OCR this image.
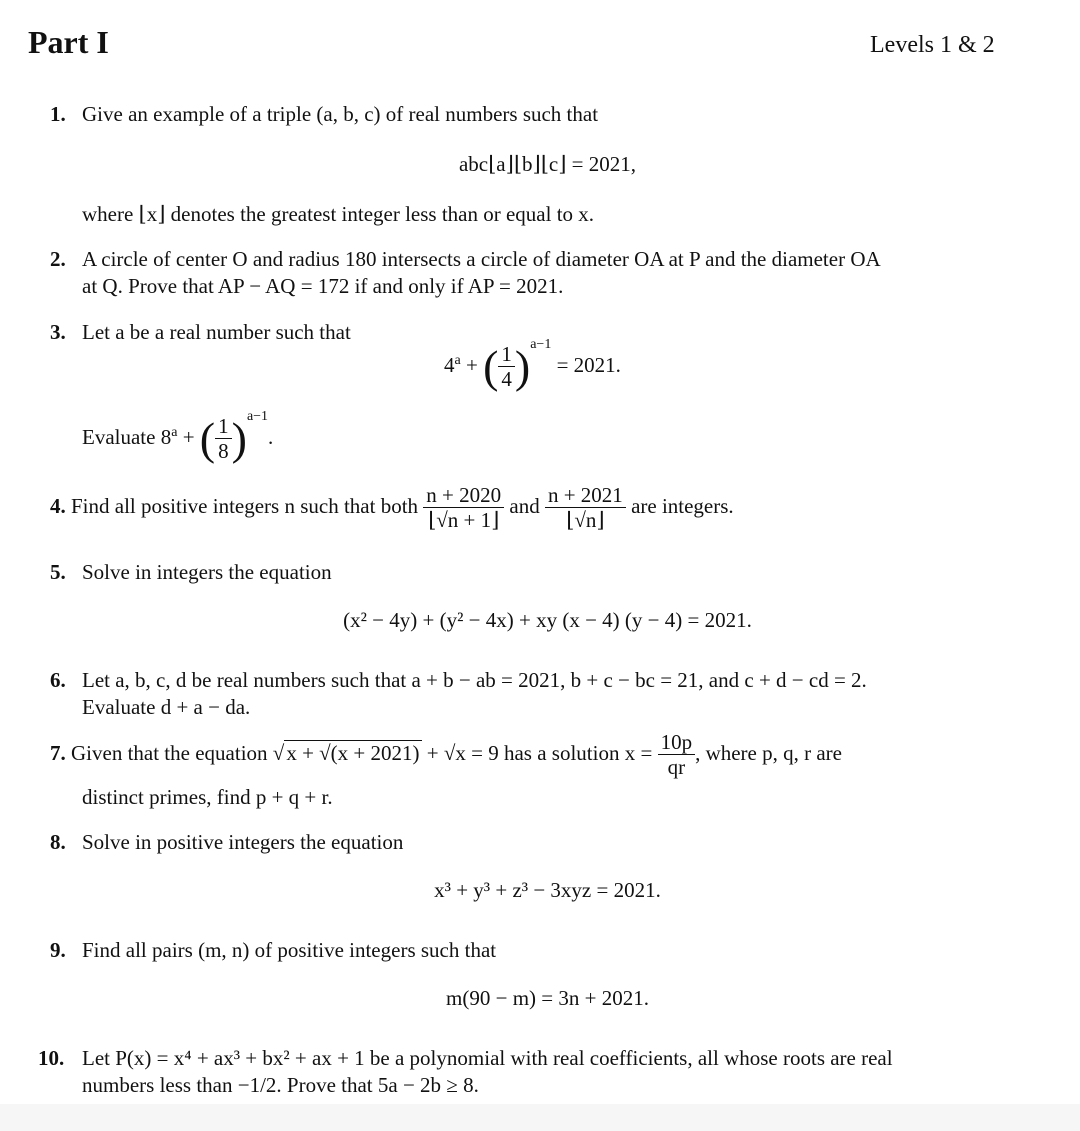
Part I	Levels 1 & 2
1. Give an example of a triple (a, b, c) of real numbers such that
abc⌊a⌋⌊b⌋⌊c⌋ = 2021,
where ⌊x⌋ denotes the greatest integer less than or equal to x.
2. A circle of center O and radius 180 intersects a circle of diameter OA at P and the diameter OA
at Q. Prove that AP − AQ = 172 if and only if AP = 2021.
3. Let a be a real number such that
$4^a$ + ( $\frac{1}{4} )^{a-1} = 2021$.
Evaluate $8^a$ + ( $\frac{1}{8} )^{a-1}$.
4. Find all positive integers n such that both $\frac{n + 2020}{⌊√n + 1⌋}$ and $\frac{n + 2021}{⌊√n⌋}$ are integers.
5. Solve in integers the equation
(x² − 4y) + (y² − 4x) + xy (x − 4) (y − 4) = 2021.
6. Let a, b, c, d be real numbers such that a + b − ab = 2021, b + c − bc = 21, and c + d − cd = 2.
Evaluate d + a − da.
7. Given that the equation √x + √(x + 2021) + √x = 9 has a solution $x = \frac{10p}{qr}$ , where p, q, r are
distinct primes, find p + q + r.
8. Solve in positive integers the equation
x³ + y³ + z³ − 3xyz = 2021.
9. Find all pairs (m, n) of positive integers such that
m(90 − m) = 3n + 2021.
10. Let P(x) = x⁴ + ax³ + bx² + ax + 1 be a polynomial with real coefficients, all whose roots are real
numbers less than −1/2. Prove that 5a − 2b ≥ 8.
